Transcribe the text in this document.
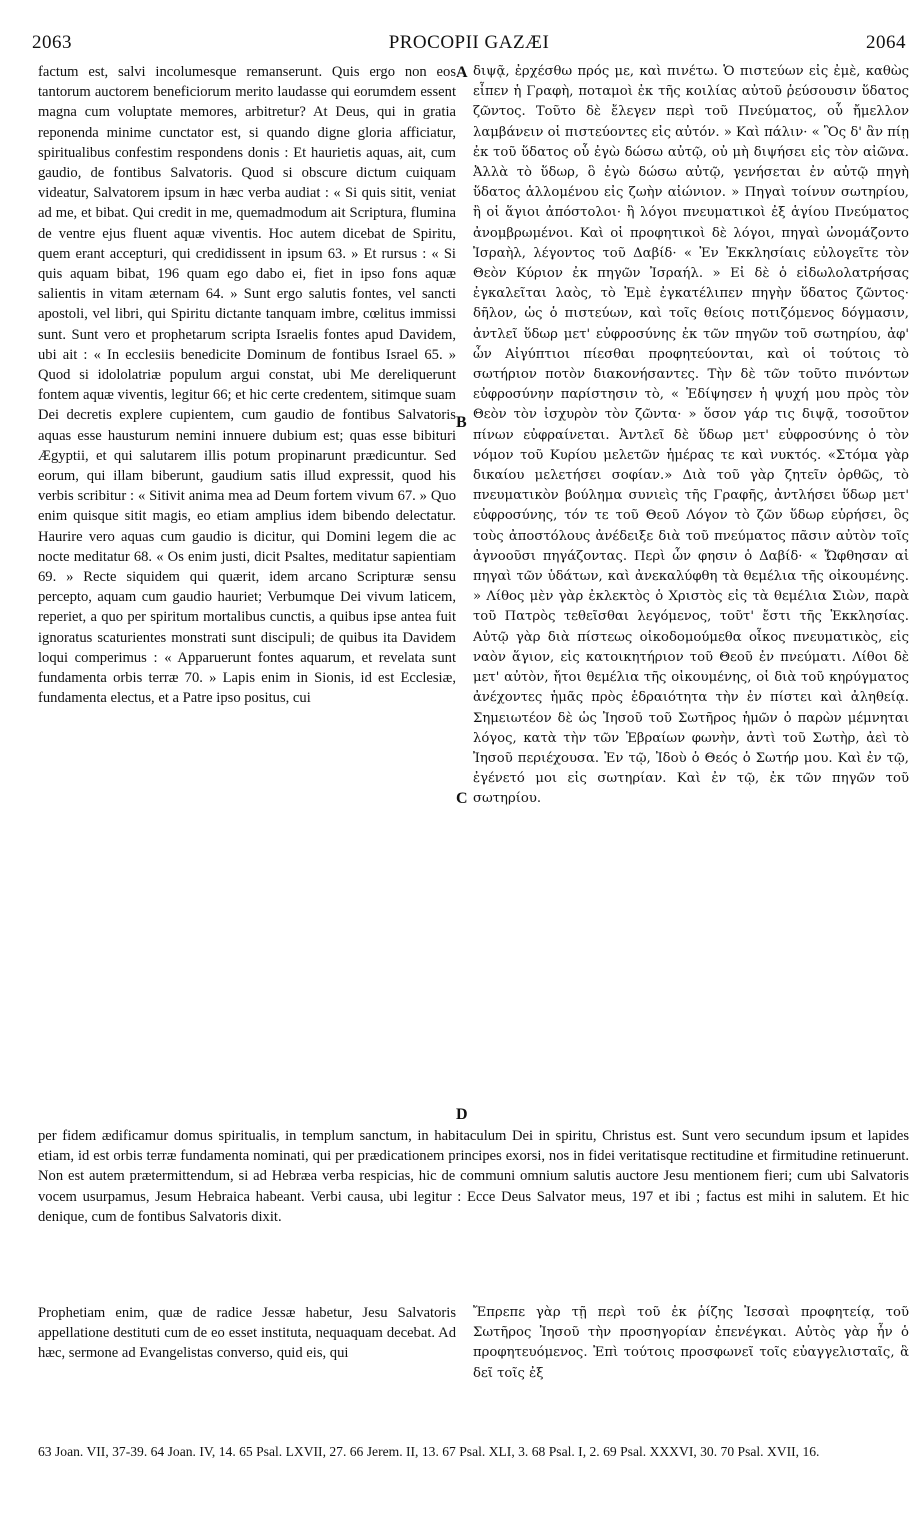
2063	PROCOPII GAZÆI	2064
A
B
C
D

factum est, salvi incolumesque remanserunt. Quis ergo non eos tantorum auctorem beneficiorum merito laudasse qui eorumdem essent magna cum voluptate memores, arbitretur? At Deus, qui in gratia reponenda minime cunctator est, si quando digne gloria afficiatur, spiritualibus confestim respondens donis : Et haurietis aquas, ait, cum gaudio, de fontibus Salvatoris. Quod si obscure dictum cuiquam videatur, Salvatorem ipsum in hæc verba audiat : « Si quis sitit, veniat ad me, et bibat. Qui credit in me, quemadmodum ait Scriptura, flumina de ventre ejus fluent aquæ viventis. Hoc autem dicebat de Spiritu, quem erant accepturi, qui credidissent in ipsum 63. » Et rursus : « Si quis aquam bibat, 196 quam ego dabo ei, fiet in ipso fons aquæ salientis in vitam æternam 64. » Sunt ergo salutis fontes, vel sancti apostoli, vel libri, qui Spiritu dictante tanquam imbre, cœlitus immissi sunt. Sunt vero et prophetarum scripta Israelis fontes apud Davidem, ubi ait : « In ecclesiis benedicite Dominum de fontibus Israel 65. » Quod si idololatriæ populum argui constat, ubi Me dereliquerunt fontem aquæ viventis, legitur 66; et hic certe credentem, sitimque suam Dei decretis explere cupientem, cum gaudio de fontibus Salvatoris aquas esse hausturum nemini innuere dubium est; quas esse bibituri Ægyptii, et qui salutarem illis potum propinarunt prædicuntur. Sed eorum, qui illam biberunt, gaudium satis illud expressit, quod his verbis scribitur : « Sitivit anima mea ad Deum fortem vivum 67. » Quo enim quisque sitit magis, eo etiam amplius idem bibendo delectatur. Haurire vero aquas cum gaudio is dicitur, qui Domini legem die ac nocte meditatur 68. « Os enim justi, dicit Psaltes, meditatur sapientiam 69. » Recte siquidem qui quærit, idem arcano Scripturæ sensu percepto, aquam cum gaudio hauriet; Verbumque Dei vivum laticem, reperiet, a quo per spiritum mortalibus cunctis, a quibus ipse antea fuit ignoratus scaturientes monstrati sunt discipuli; de quibus ita Davidem loqui comperimus : « Apparuerunt fontes aquarum, et revelata sunt fundamenta orbis terræ 70. » Lapis enim in Sionis, id est Ecclesiæ, fundamenta electus, et a Patre ipso positus, cui

διψᾷ, ἐρχέσθω πρός με, καὶ πινέτω. Ὁ πιστεύων εἰς ἐμὲ, καθὼς εἶπεν ἡ Γραφὴ, ποταμοὶ ἐκ τῆς κοιλίας αὐτοῦ ῥεύσουσιν ὕδατος ζῶντος. Τοῦτο δὲ ἔλεγεν περὶ τοῦ Πνεύματος, οὗ ἤμελλον λαμβάνειν οἱ πιστεύοντες εἰς αὐτόν. » Καὶ πάλιν· « Ὃς δ' ἂν πίῃ ἐκ τοῦ ὕδατος οὗ ἐγὼ δώσω αὐτῷ, οὐ μὴ διψήσει εἰς τὸν αἰῶνα. Ἀλλὰ τὸ ὕδωρ, ὃ ἐγὼ δώσω αὐτῷ, γενήσεται ἐν αὐτῷ πηγὴ ὕδατος ἁλλομένου εἰς ζωὴν αἰώνιον. » Πηγαὶ τοίνυν σωτηρίου, ἢ οἱ ἅγιοι ἀπόστολοι· ἢ λόγοι πνευματικοὶ ἐξ ἁγίου Πνεύματος ἀνομβρωμένοι. Καὶ οἱ προφητικοὶ δὲ λόγοι, πηγαὶ ὠνομάζοντο Ἰσραὴλ, λέγοντος τοῦ Δαβίδ· « Ἐν Ἐκκλησίαις εὐλογεῖτε τὸν Θεὸν Κύριον ἐκ πηγῶν Ἰσραήλ. » Εἰ δὲ ὁ εἰδωλολατρήσας ἐγκαλεῖται λαὸς, τὸ Ἐμὲ ἐγκατέλιπεν πηγὴν ὕδατος ζῶντος· δῆλον, ὡς ὁ πιστεύων, καὶ τοῖς θείοις ποτιζόμενος δόγμασιν, ἀντλεῖ ὕδωρ μετ' εὐφροσύνης ἐκ τῶν πηγῶν τοῦ σωτηρίου, ἀφ' ὧν Αἰγύπτιοι πίεσθαι προφητεύονται, καὶ οἱ τούτοις τὸ σωτήριον ποτὸν διακονήσαντες. Τὴν δὲ τῶν τοῦτο πινόντων εὐφροσύνην παρίστησιν τὸ, « Ἐδίψησεν ἡ ψυχή μου πρὸς τὸν Θεὸν τὸν ἰσχυρὸν τὸν ζῶντα· » ὅσον γάρ τις διψᾷ, τοσοῦτον πίνων εὐφραίνεται. Ἀντλεῖ δὲ ὕδωρ μετ' εὐφροσύνης ὁ τὸν νόμον τοῦ Κυρίου μελετῶν ἡμέρας τε καὶ νυκτός. «Στόμα γὰρ δικαίου μελετήσει σοφίαν.» Διὰ τοῦ γὰρ ζητεῖν ὀρθῶς, τὸ πνευματικὸν βούλημα συνιεὶς τῆς Γραφῆς, ἀντλήσει ὕδωρ μετ' εὐφροσύνης, τόν τε τοῦ Θεοῦ Λόγον τὸ ζῶν ὕδωρ εὑρήσει, ὃς τοὺς ἀποστόλους ἀνέδειξε διὰ τοῦ πνεύματος πᾶσιν αὐτὸν τοῖς ἀγνοοῦσι πηγάζοντας. Περὶ ὧν φησιν ὁ Δαβίδ· « Ὤφθησαν αἱ πηγαὶ τῶν ὑδάτων, καὶ ἀνεκαλύφθη τὰ θεμέλια τῆς οἰκουμένης. » Λίθος μὲν γὰρ ἐκλεκτὸς ὁ Χριστὸς εἰς τὰ θεμέλια Σιὼν, παρὰ τοῦ Πατρὸς τεθεῖσθαι λεγόμενος, τοῦτ' ἔστι τῆς Ἐκκλησίας. Αὐτῷ γὰρ διὰ πίστεως οἰκοδομούμεθα οἶκος πνευματικὸς, εἰς ναὸν ἅγιον, εἰς κατοικητήριον τοῦ Θεοῦ ἐν πνεύματι. Λίθοι δὲ μετ' αὐτὸν, ἤτοι θεμέλια τῆς οἰκουμένης, οἱ διὰ τοῦ κηρύγματος ἀνέχοντες ἡμᾶς πρὸς ἑδραιότητα τὴν ἐν πίστει καὶ ἀληθείᾳ. Σημειωτέον δὲ ὡς Ἰησοῦ τοῦ Σωτῆρος ἡμῶν ὁ παρὼν μέμνηται λόγος, κατὰ τὴν τῶν Ἑβραίων φωνὴν, ἀντὶ τοῦ Σωτὴρ, ἀεὶ τὸ Ἰησοῦ περιέχουσα. Ἐν τῷ, Ἰδοὺ ὁ Θεός ὁ Σωτήρ μου. Καὶ ἐν τῷ, ἐγένετό μοι εἰς σωτηρίαν. Καὶ ἐν τῷ, ἐκ τῶν πηγῶν τοῦ σωτηρίου.

per fidem ædificamur domus spiritualis, in templum sanctum, in habitaculum Dei in spiritu, Christus est. Sunt vero secundum ipsum et lapides etiam, id est orbis terræ fundamenta nominati, qui per prædicationem principes exorsi, nos in fidei veritatisque rectitudine et firmitudine retinuerunt. Non est autem prætermittendum, si ad Hebræa verba respicias, hic de communi omnium salutis auctore Jesu mentionem fieri; cum ubi Salvatoris vocem usurpamus, Jesum Hebraica habeant. Verbi causa, ubi legitur : Ecce Deus Salvator meus, 197 et ibi ; factus est mihi in salutem. Et hic denique, cum de fontibus Salvatoris dixit.

Prophetiam enim, quæ de radice Jessæ habetur, Jesu Salvatoris appellatione destituti cum de eo esset instituta, nequaquam decebat. Ad hæc, sermone ad Evangelistas converso, quid eis, qui

Ἔπρεπε γὰρ τῇ περὶ τοῦ ἐκ ῥίζης Ἰεσσαὶ προφητείᾳ, τοῦ Σωτῆρος Ἰησοῦ τὴν προσηγορίαν ἐπενέγκαι. Αὐτὸς γὰρ ἦν ὁ προφητευόμενος. Ἐπὶ τούτοις προσφωνεῖ τοῖς εὐαγγελισταῖς, ἃ δεῖ τοῖς ἐξ

63 Joan. VII, 37-39. 64 Joan. IV, 14. 65 Psal. LXVII, 27. 66 Jerem. II, 13. 67 Psal. XLI, 3. 68 Psal. I, 2. 69 Psal. XXXVI, 30. 70 Psal. XVII, 16.
